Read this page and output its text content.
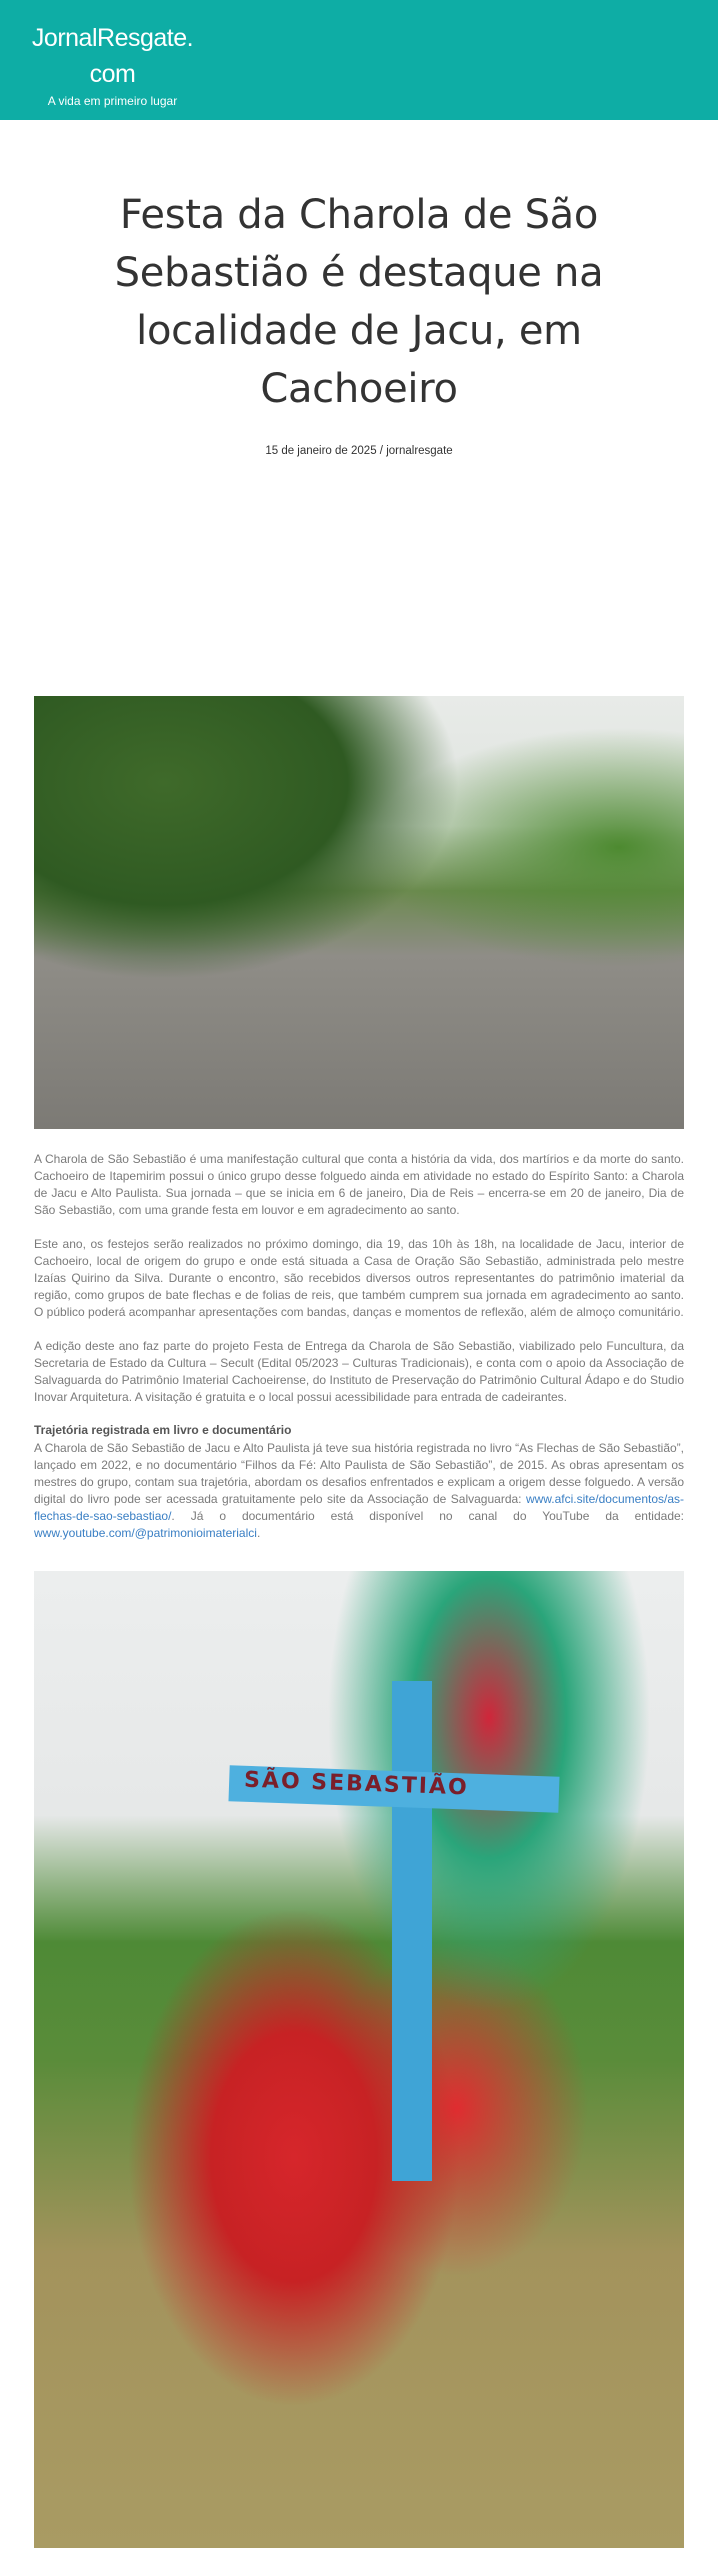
JornalResgate.com
A vida em primeiro lugar
Festa da Charola de São Sebastião é destaque na localidade de Jacu, em Cachoeiro
15 de janeiro de 2025 / jornalresgate

A Charola de São Sebastião é uma manifestação cultural que conta a história da vida, dos martírios e da morte do santo. Cachoeiro de Itapemirim possui o único grupo desse folguedo ainda em atividade no estado do Espírito Santo: a Charola de Jacu e Alto Paulista. Sua jornada – que se inicia em 6 de janeiro, Dia de Reis – encerra-se em 20 de janeiro, Dia de São Sebastião, com uma grande festa em louvor e em agradecimento ao santo.

Este ano, os festejos serão realizados no próximo domingo, dia 19, das 10h às 18h, na localidade de Jacu, interior de Cachoeiro, local de origem do grupo e onde está situada a Casa de Oração São Sebastião, administrada pelo mestre Izaías Quirino da Silva. Durante o encontro, são recebidos diversos outros representantes do patrimônio imaterial da região, como grupos de bate flechas e de folias de reis, que também cumprem sua jornada em agradecimento ao santo. O público poderá acompanhar apresentações com bandas, danças e momentos de reflexão, além de almoço comunitário.

A edição deste ano faz parte do projeto Festa de Entrega da Charola de São Sebastião, viabilizado pelo Funcultura, da Secretaria de Estado da Cultura – Secult (Edital 05/2023 – Culturas Tradicionais), e conta com o apoio da Associação de Salvaguarda do Patrimônio Imaterial Cachoeirense, do Instituto de Preservação do Patrimônio Cultural Ádapo e do Studio Inovar Arquitetura. A visitação é gratuita e o local possui acessibilidade para entrada de cadeirantes.

Trajetória registrada em livro e documentário

A Charola de São Sebastião de Jacu e Alto Paulista já teve sua história registrada no livro “As Flechas de São Sebastião”, lançado em 2022, e no documentário “Filhos da Fé: Alto Paulista de São Sebastião”, de 2015. As obras apresentam os mestres do grupo, contam sua trajetória, abordam os desafios enfrentados e explicam a origem desse folguedo. A versão digital do livro pode ser acessada gratuitamente pelo site da Associação de Salvaguarda: www.afci.site/documentos/as-flechas-de-sao-sebastiao/. Já o documentário está disponível no canal do YouTube da entidade: www.youtube.com/@patrimonioimaterialci.

SÃO SEBASTIÃO
